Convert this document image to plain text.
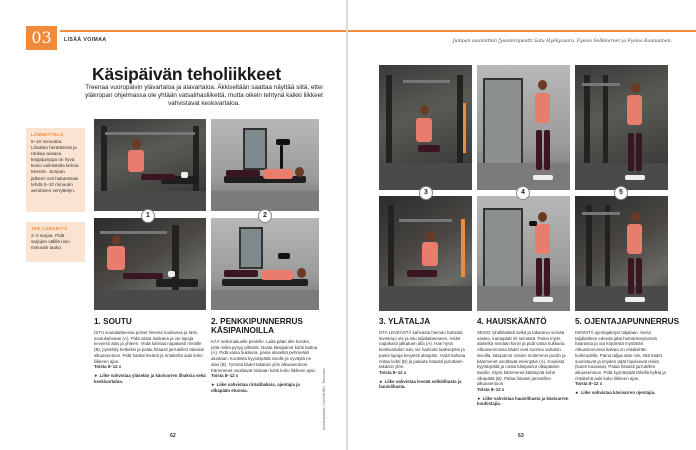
03	LISÄÄ VOIMAA
Käsipäivän teholiikkeet
Treenaa vuoropäivin ylävartaloa ja alavartaloa. Äkkiseltään saattaa näyttää siltä, ettei yläkropan ohjelmassa ole yhtään vatsalihasliikettä, mutta oikein tehtynä kaikki liikkeet vahvistavat keskivartaloa.
LÄMMITTELE

5–10 minuuttia. Lihaksia herättelevä ja rankaa avaava keppijumppa on hyvä keino valmistella kehoa treeniin. Jumpan jälkeen voit halutessasi tehdä 5–10 minuutin aerobisen verryttelyn.

TEE LIIKKEITÄ

2–3 sarjaa. Pidä sarjojen välillä noin minuutin tauko.

1	2
1. SOUTU

ISTU soutulaitteessa polvet hieman koukussa ja tartu soutukahvaan (A). Pidä vatsa tiukkana ja vie lapoja kevyesti alas ja yhteen. Vedä kahvaa napakasti rinnalle (B), pysähdy hetkeksi ja palaa hitaasti jarrutellen takaisin alkuasentoon. Pidä hartiat levänä ja rintakehä auki koko liikkeen ajan.

Toista 8–12 x

► Liike vahvistaa yläselän ja käsivarren lihaksia sekä keskivartaloa.

2. PENKKIPUNNERRUS KÄSIPAINOILLA

KÄY selinmakuulle penkille. Laita pään alle korokе, jotta niska pysyy pitkänä. Nosta käsipainot kohti kattoa (A). Pidä vatsa tiukkana, paina alaselkä pehmeästi alustaan. Koukista kyynärpäitä sivulle ja nyväytä ne alas (B). Työnnä kädet takaisin ylös alkuasentoon. Kämmenet osoittavat toisiaan kohti koko liikkeen ajan.

Toista 8–12 x

► Liike vahvistaa rintalihaksia, ojentajia ja olkapään etuosia.	Kuvauspaikka: Crossfit Mini, Tammisto
62
Jumpan suunnitteli fysioterapeutti Satu Hyökyvaara, Fysioo Sellkkeroer ja Fysioo Kauniainen.
3	4	5
3. YLÄTALJA

OTA LEVEÄSTÄ kahvasta hieman hartioita leveämpi ote ja istu taljalaitteeseen, reidet napakasti jalkatuen alla (A). Hae hyvä keskivartalon tuki, vie hartioita taaksepäin ja paina lapoja kevyesti alaspäin. Vedä kahvaa rintaa kohti (B) ja palauta hitaasti jarruttaen takaisin ylös.

Toista 8–12 x

► Liike vahvistaa leveää selkälihasta ja hauislihasta.

4. HAUISKÄÄNTÖ

SEISO ryhdikkäästi selkä ja takaraivo seinää vasten, kantapäät irti seinästä. Paina myös alaselkä seinään kiinni ja pidä vatsa tiukkana. Alkuasennossa kädet ovat suorina vartalon sivuilla, käsipainot reisien molemmin puolin ja kämmenet osoittavat eteenpäin (A). Koukista kyynärpäitä ja nosta käsipainot olkapäiden tasolle. Myös kämmenet kääntyvät kohti olkapäitä (B). Palaa hitaasti jarrutellen alkuasentoon.

Toista 8–12 x

► Liike vahvistaa hauislihasta ja käsivarren koukistajia.

5. OJENTAJAPUNNERRUS

KIINNITÄ ojentajaköysi taljalaan. Seiso taljalaitteen edessä jalat hartianlevyisessä haarassa ja ota köydestä myötäote. Alkuasennossa kalvaa on rintakehän korkeudella. Paina taljaa alas niin, että kädet suoristuvat ja köyden päät hipaisevat reisiä (kuten kuvassa). Palaa hitaasti jarrutellen alkuasentoon. Pidä kyynärpäät lähellä kylkiä ja rintakehä auki koko liikkeen ajan.

Toista 8–12 x

► Liike vahvistaa käsivarren ojentajia.

63
